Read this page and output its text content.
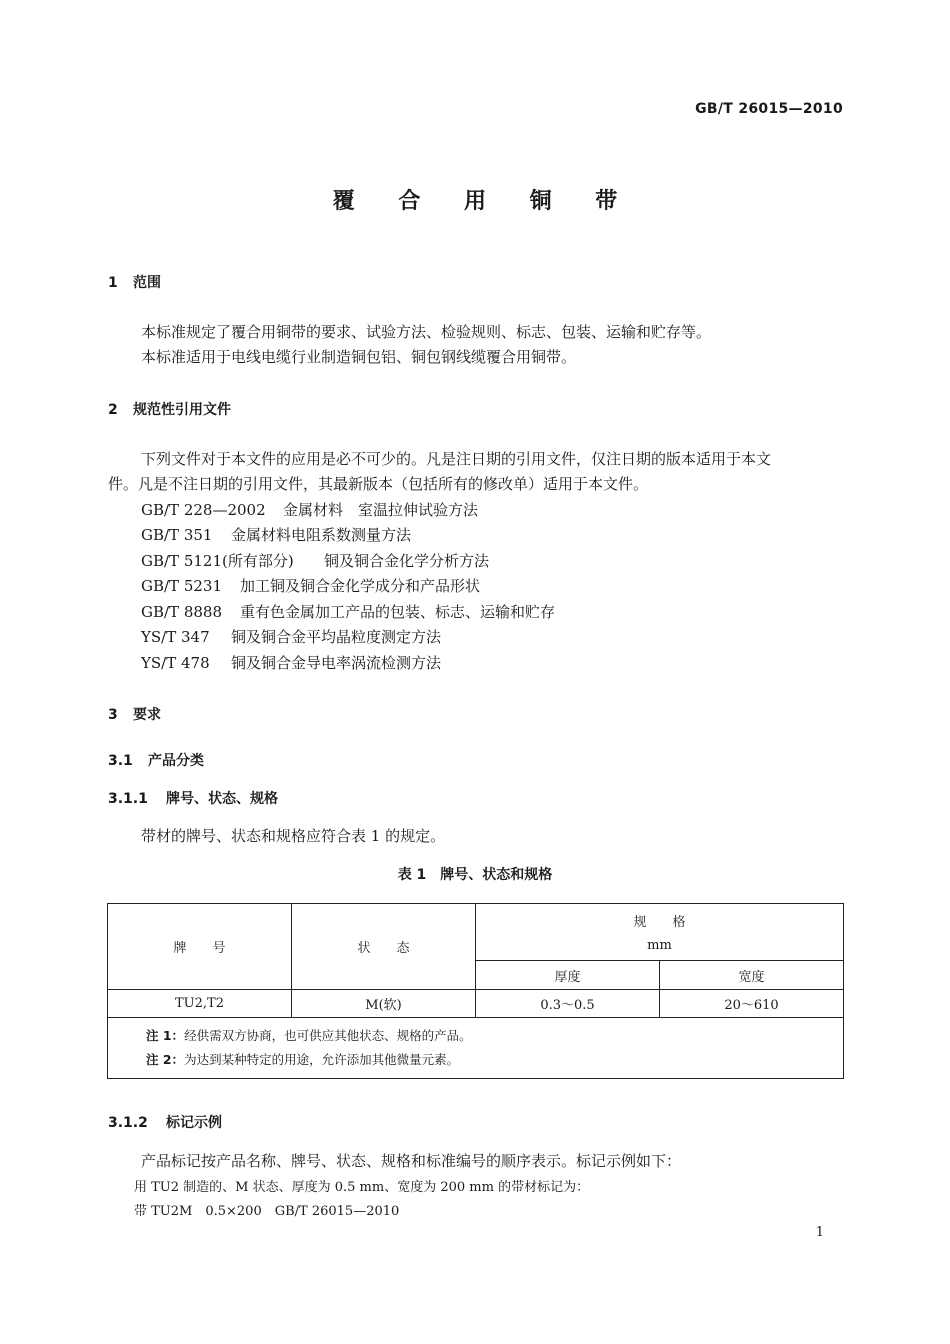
GB/T 26015—2010
覆 合 用 铜 带
1 范围
本标准规定了覆合用铜带的要求、试验方法、检验规则、标志、包装、运输和贮存等。
本标准适用于电线电缆行业制造铜包铝、铜包钢线缆覆合用铜带。
2 规范性引用文件
下列文件对于本文件的应用是必不可少的。凡是注日期的引用文件，仅注日期的版本适用于本文
件。凡是不注日期的引用文件，其最新版本（包括所有的修改单）适用于本文件。
GB/T 228—2002 金属材料　室温拉伸试验方法
GB/T 351 金属材料电阻系数测量方法
GB/T 5121(所有部分) 铜及铜合金化学分析方法
GB/T 5231 加工铜及铜合金化学成分和产品形状
GB/T 8888 重有色金属加工产品的包装、标志、运输和贮存
YS/T 347 铜及铜合金平均晶粒度测定方法
YS/T 478 铜及铜合金导电率涡流检测方法
3 要求
3.1 产品分类
3.1.1 牌号、状态、规格
带材的牌号、状态和规格应符合表 1 的规定。
表 1　牌号、状态和规格
牌　　号	状　　态	规　　格
mm	

		厚度	宽度
TU2,T2	M(软)	0.3～0.5	20～610

注 1：经供需双方协商，也可供应其他状态、规格的产品。
注 2：为达到某种特定的用途，允许添加其他微量元素。			
3.1.2 标记示例
产品标记按产品名称、牌号、状态、规格和标准编号的顺序表示。标记示例如下：
用 TU2 制造的、M 状态、厚度为 0.5 mm、宽度为 200 mm 的带材标记为：
带 TU2M　0.5×200　GB/T 26015—2010
1
